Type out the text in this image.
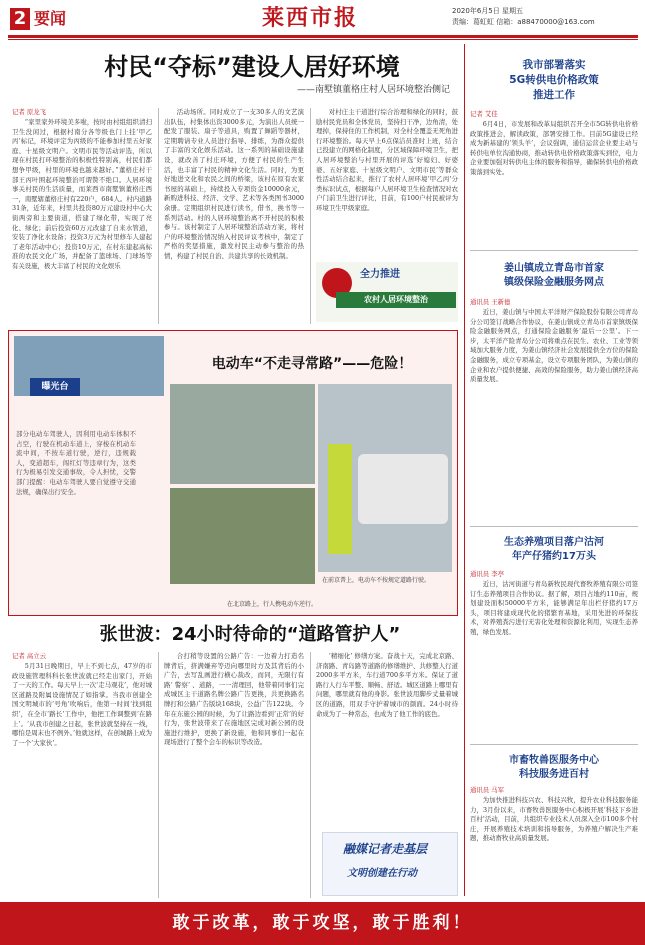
2 要闻	莱西市报	2020年6月5日 星期五
责编：葛虹虹 信箱：a88470000@163.com
村民“夺标”建设人居好环境
——南墅镇董格庄村人居环境整治侧记
记者 原龙飞
“家里家外环境美多啦，按时由村组组织清扫卫生没闲过，根据村南分各等级也门上挂‘甲乙丙’标记，环境评定为丙级的不能参加村里五好家庭、十星级文明户。文明市民等活动评选，所以现在村民打环境整治的积极性特别高，村民们都想争甲级，村里的环境也越来越好。”董格庄村干部王丙叶围起环境整治可谓赞不绝口。人居环境事关村民的生活质量，而莱西市南墅镇董格庄西一，南墅辖董格庄村有220户，684人。村内道路31条，近年来，村里共投资80万元建设村中心大街两旁和主要街道，搭建了绿化带，实现了亮化、绿化；前后投资60万元改建了自来水管道，安装了净化水设备；投资3万元为村里修车人建起了老年活动中心；投资10万元，在村东建起高标准的农民文化广场，并配备了篮球场、门球场等有关设施，极大丰富了村民的文化娱乐
活动场所。同时成立了一支30多人的文艺演出队伍，村集体出资3000多元，为演出人员统一配发了服装、扇子等道具，购置了舞蹈等器材，定期聘请专业人员进行指导、排练，为群众提供了丰富的文化娱乐活动。这一系列的基础设施建设，就改善了村庄环境，方便了村民的生产生活，也丰富了村民的精神文化生活。同时，为更好地进文化和农民之间的桥梁，该村在原有农家书屋的基础上，持续投入专项资金10000余元，新购进科技、经济、文学、艺术等各类图书3000余册。定期组织村民进行读书，借书，换书等一系列活动。村的人居环境整治离不开村民的积极参与。该村制定了人居环境整治活动方案，将村户的环境整治情况纳入村民评议考核中，制定了严格的奖惩措施，激发村民主动参与整治的热情，构建了村民自治、共建共享的长效机制。
对村庄主干道进行综合治理和绿化的同时，鼓励村民党员和全体党员，坚持扫干净，边角清，处理掉，保持住的工作机制，对全村全覆盖无死角进行环境整治。每天早上6点保洁员准时上班，结合已投建立的网格化制度，分区域保障环境卫生，把人居环境整治与村里开展的评选‘好媳妇、好婆婆、五好家庭、十星级文明户、文明市民’等群众性活动结合起来，推行了农村人居环境‘甲乙丙’分类标识试点，根据每户人居环境卫生检查情况对农户门前卫生进行评比，目前，有100户村民被评为环境卫生甲级家庭。
全力推进
农村人居环境整治
曝光台
电动车“不走寻常路”——危险！
部分电动车驾驶人，因利用电动车体积不占空，行驶在机动车道上，穿梭在机动车流中间，不按车道行驶，逆行，违规载人，变道超车，闯红灯等违章行为，这类行为极易引发交通事故，令人担忧，交警部门提醒：电动车驾驶人要自觉遵守交通法规，确保出行安全。
在前京普上，电动车不按规定道路行驶。
在北京路上，行人携电动车逆行。
张世波：24小时待命的“道路管护人”
记者 高立云
5月31日晚期日，早上不到七点，47岁的市政设施管理科科长张世波就已经走出家门，开始了一天的工作。每天早上一次‘走马观花’，他对城区道路及附属设施情况了如指掌。当我市创建全国文明城市的‘号角’吹响后，他第一时间‘找到组织’，在全市‘路长’工作中，他把工作调整到‘在路上’。‘从我市创建之日起，张世波就坚持在一线，哪怕是周末也不例外。’他就这样，在创城路上成为了一个‘大家伙’。
合打稍等设置的公路广告：一边着力打造名牌背后，挤满嫌弃等迈向哪里时方及其背后的小广告，去写乱画进行横心裁改，而同，无限行有路‘ 警察’ 、道路，一一清理回，他带着同事们完成城区主干道路名牌公路广告更换，共更换路名牌打和公路广告版块168块，公益广告122块。今年在东施公园的时候，为了让路边看到‘正常’的好行为，张世波带来了在施地区完成对新公园的设施进行维护，更换了新设施，他和同事们一起在现场进行了整个会车的标识等改造。
‘精细化’ 修缮方案。奋战十天，完成北京路、济南路、青岛路等道路的修缮维护、共修整人行道2000多平方米，车行道700多平方米。保证了道路行人行车平整、顺畅、舒适。城区道路上哪里有问题，哪里就有他的身影。张世波用脚步丈量着城区的道路，用双手守护着城市的颜面。24小时待命成为了一种常态，也成为了他工作的底色。
融媒记者走基层
文明创建在行动
我市部署落实
5G转供电价格政策
推进工作
记者 艾佳
6月4日，市发展和改革局组织召开全市5G转供电价格政策推进会，解读政策，部署安排工作。目前5G建设已经成为新基建的‘领头羊’，会议强调，通信运营企业要主动与转供电单位沟通协商，推动转供电价格政策落实到位，电力企业要加强对转供电主体的服务和指导，确保转供电价格政策落到实处。
姜山镇成立青岛市首家
镇级保险金融服务网点
通讯员 王新德
近日，姜山镇与中国太平洋财产保险股份有限公司青岛分公司签订战略合作协议，在姜山镇成立青岛市首家镇级保险金融服务网点，打通保险金融服务‘最后一公里’。下一步，太平洋产险青岛分公司将重点在民生、农业、工业等领域加大服务力度，为姜山镇经济社会发展提供全方位的保险金融服务，成立专项基金，设立专项服务团队，为姜山镇的企业和农户提供便捷、高效的保险服务，助力姜山镇经济高质量发展。
生态养殖项目落户沽河
年产仔猪约17万头
通讯员 李亭
近日，沽河街道与青岛新牧民现代畜牧养殖有限公司签订生态养殖项目合作协议。据了解，项目占地约110亩，规划建设面积50000平方米，能够满足年出栏仔猪约17万头，项目将建成现代化的猪繁育基地，采用先进的环保技术，对养殖粪污进行无害化处理和资源化利用，实现生态养殖，绿色发展。
市畜牧兽医服务中心
科技服务进百村
通讯员 马军
为加快推进科技兴农、科技兴牧，提升农业科技服务能力，3月份以来，市畜牧兽医服务中心积极开展‘科技下乡进百村’活动，目前，共组织专业技术人员深入全市100多个村庄，开展养殖技术培训和指导服务，为养殖户解决生产难题，推动畜牧业高质量发展。
敢于改革，敢于攻坚，敢于胜利！
